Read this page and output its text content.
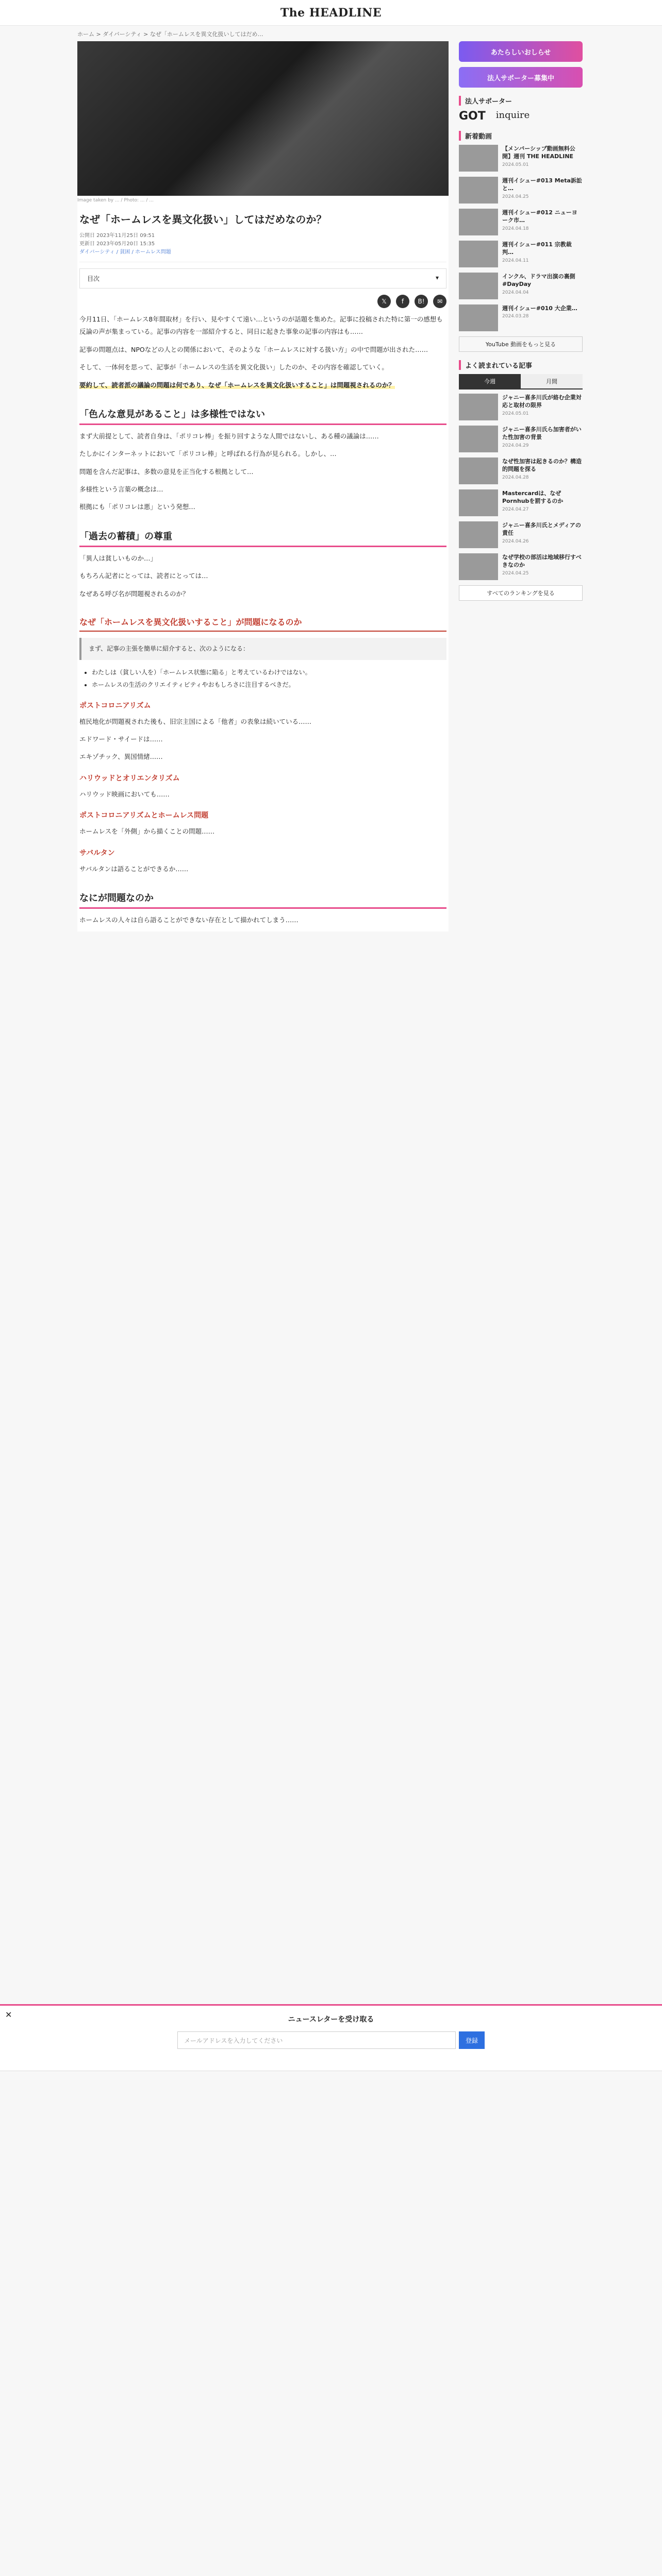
The HEADLINE
ホーム > ダイバーシティ > なぜ「ホームレスを異文化扱いしてはだめ…
Image taken by ... / Photo: ... / ...
なぜ「ホームレスを異文化扱い」してはだめなのか？
公開日 2023年11月25日 09:51
更新日 2023年05月20日 15:35
ダイバーシティ / 貧困 / ホームレス問題
目次	▾
𝕏	f	B!	✉

今月11日、「ホームレス8年間取材」を行い、見やすくて遠い…というのが話題を集めた。記事に投稿された特に第一の感想も反論の声が集まっている。記事の内容を一部紹介すると、同日に起きた事象の記事の内容はも……

記事の問題点は、NPOなどの人との関係において、そのような「ホームレスに対する扱い方」の中で問題が出された……

そして、一体何を思って、記事が「ホームレスの生活を異文化扱い」したのか、その内容を確認していく。

要約して、読者派の議論の問題は何であり、なぜ「ホームレスを異文化扱いすること」は問題視されるのか？

「色んな意見があること」は多様性ではない

まず大前提として、読者自身は、「ポリコレ棒」を振り回すような人間ではないし、ある種の議論は……

たしかにインターネットにおいて「ポリコレ棒」と呼ばれる行為が見られる。しかし、…

問題を含んだ記事は、多数の意見を正当化する根拠として…

多様性という言葉の概念は…

根拠にも「ポリコレは悪」という発想…

「過去の蓄積」の尊重

「異人は貧しいものか…」

もちろん記者にとっては、読者にとっては…

なぜある呼び名が問題視されるのか？

なぜ「ホームレスを異文化扱いすること」が問題になるのか
まず、記事の主張を簡単に紹介すると、次のようになる：
• わたしは（貧しい人を）「ホームレス状態に陥る」と考えているわけではない。
• ホームレスの生活のクリエイティビティやおもしろさに注目するべきだ。
ポストコロニアリズム

植民地化が問題視された後も、旧宗主国による「他者」の表象は続いている……

エドワード・サイードは……

エキゾチック、異国情緒……

ハリウッドとオリエンタリズム

ハリウッド映画においても……

ポストコロニアリズムとホームレス問題

ホームレスを「外側」から描くことの問題……

サバルタン

サバルタンは語ることができるか……

なにが問題なのか

ホームレスの人々は自ら語ることができない存在として描かれてしまう……

あたらしいおしらせ
法人サポーター募集中
法人サポーター
GOT inquire
新着動画
【メンバーシップ動画無料公開】週刊 THE HEADLINE
2024.05.01
週刊イシュー#013 Meta訴訟と…
2024.04.25
週刊イシュー#012 ニューヨーク市…
2024.04.18
週刊イシュー#011 宗教裁判…
2024.04.11
インクル、ドラマ出演の裏側 #DayDay
2024.04.04
週刊イシュー#010 大企業…
2024.03.28
YouTube 動画をもっと見る
よく読まれている記事
今週	月間
ジャニー喜多川氏が絡む企業対応と取材の限界
2024.05.01
ジャニー喜多川氏ら加害者がいた性加害の背景
2024.04.29
なぜ性加害は起きるのか？構造的問題を探る
2024.04.28
Mastercardは、なぜPornhubを罰するのか
2024.04.27
ジャニー喜多川氏とメディアの責任
2024.04.26
なぜ学校の部活は地域移行すべきなのか
2024.04.25
すべてのランキングを見る
✕	ニュースレターを受け取る
メールアドレスを入力してください	登録
